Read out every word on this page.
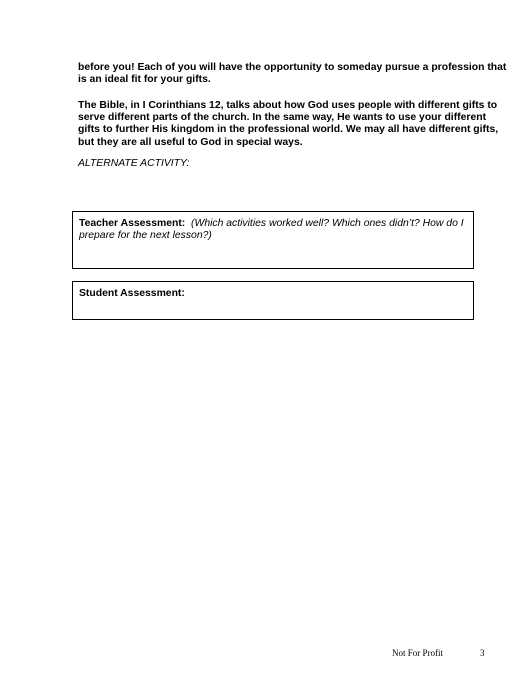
before you! Each of you will have the opportunity to someday pursue a profession that is an ideal fit for your gifts.

The Bible, in I Corinthians 12, talks about how God uses people with different gifts to serve different parts of the church. In the same way, He wants to use your different gifts to further His kingdom in the professional world. We may all have different gifts, but they are all useful to God in special ways.

ALTERNATE ACTIVITY:

Teacher Assessment: (Which activities worked well? Which ones didn’t? How do I prepare for the next lesson?)
Student Assessment:
Not For Profit	3
